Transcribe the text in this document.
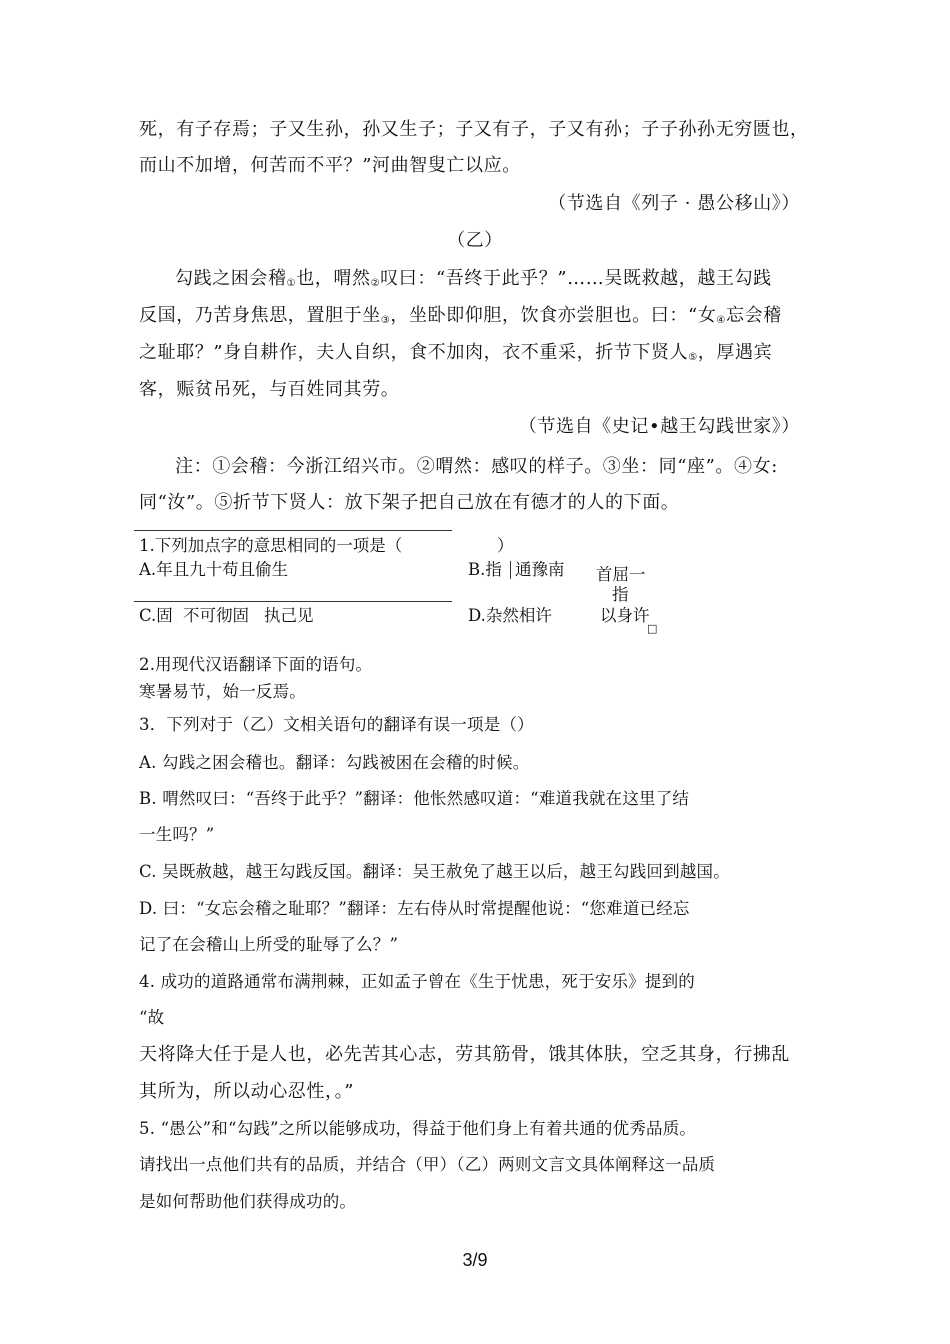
死，有子存焉；子又生孙，孙又生子；子又有子，子又有孙；子子孙孙无穷匮也，
而山不加增，何苦而不平？”河曲智叟亡以应。
（节选自《列子 · 愚公移山》）
（乙）
勾践之困会稽$_①$也，喟然$_②$叹曰：“吾终于此乎？”……吴既救越，越王勾践
反国，乃苦身焦思，置胆于坐$_③$，坐卧即仰胆，饮食亦尝胆也。曰：“女$_④$忘会稽
之耻耶？”身自耕作，夫人自织，食不加肉，衣不重采，折节下贤人$_⑤$，厚遇宾
客，赈贫吊死，与百姓同其劳。
（节选自《史记•越王勾践世家》）
注：①会稽：今浙江绍兴市。②喟然：感叹的样子。③坐：同“座”。④女:
同“汝”。⑤折节下贤人：放下架子把自己放在有德才的人的下面。
1.下列加点字的意思相同的一项是（	）
A.年且九十苟且偷生	B.指 通豫南 首屈一
指
C.固 不可彻固 执己见	D.杂然相许	以身许
□
2.用现代汉语翻译下面的语句。
寒暑易节，始一反焉。
3．下列对于（乙）文相关语句的翻译有误一项是（）
A. 勾践之困会稽也。翻译：勾践被困在会稽的时候。
B. 喟然叹曰：“吾终于此乎？”翻译：他怅然感叹道：“难道我就在这里了结
一生吗？”
C. 吴既赦越，越王勾践反国。翻译：吴王赦免了越王以后，越王勾践回到越国。
D. 曰：“女忘会稽之耻耶？”翻译：左右侍从时常提醒他说：“您难道已经忘
记了在会稽山上所受的耻辱了么？”
4. 成功的道路通常布满荆棘，正如孟子曾在《生于忧患，死于安乐》提到的
“故
天将降大任于是人也，必先苦其心志，劳其筋骨，饿其体肤，空乏其身，行拂乱
其所为，所以动心忍性，。”
5. “愚公”和“勾践”之所以能够成功，得益于他们身上有着共通的优秀品质。
请找出一点他们共有的品质，并结合（甲）（乙）两则文言文具体阐释这一品质
是如何帮助他们获得成功的。
3/9
